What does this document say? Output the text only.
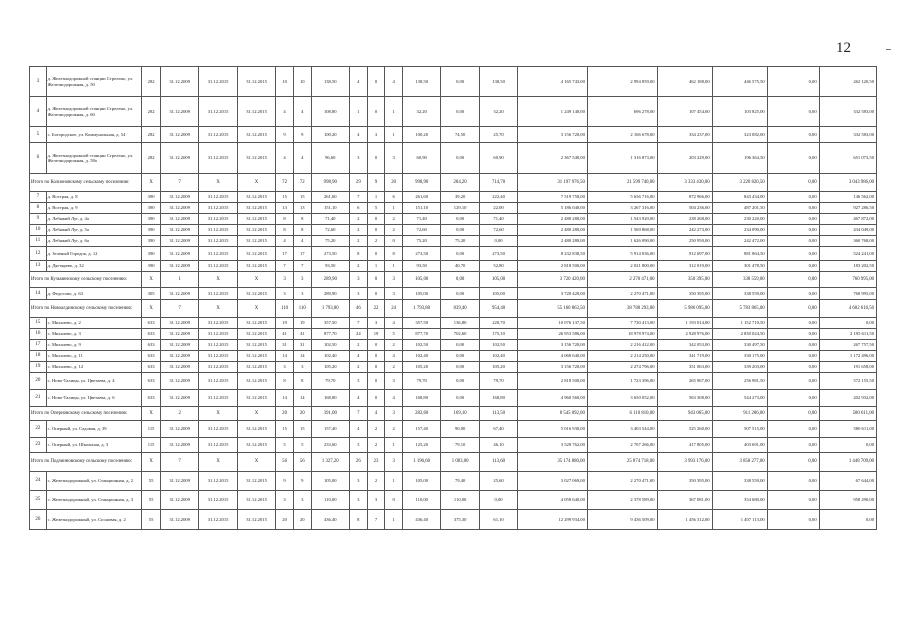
12
3	д. Железнодорожной станции Стрелено, ул. Железнодорожная, д. 50	282	31.12.2009	31.12.2015	31.12.2015	10	10	138,50	4	0	4	138,50	0,00	138,50	4 165 743,00	2 994 859,00	462 188,00	446 575,50	0,00	262 120,50
4	д. Железнодорожной станции Стрелено, ул. Железнодорожная, д. 60	282	31.12.2009	31.12.2015	31.12.2015	4	4	108,80	1	0	1	32,20	0,00	32,20	1 249 140,00	696 278,00	107 454,00	103 825,00	0,00	332 583,00
5	с. Богородское, ул. Коммунальная, д. 54	282	31.12.2009	31.12.2015	31.12.2015	9	9	100,20	4	3	1	100,20	74,50	25,70	3 156 720,00	2 166 678,00	334 237,00	323 082,00	0,00	332 583,00
6	д. Железнодорожной станции Стрелено, ул. Железнодорожная, д. 58а	282	31.12.2009	31.12.2015	31.12.2015	4	4	96,60	3	0	3	60,90	0,00	60,90	2 367 540,00	1 316 873,00	203 229,00	196 364,50	0,00	651 073,50
Итого по Колионовскому сельскому поселению:		X	7	X	X	72	72	998,90	29	9	20	998,90	284,20	714,70	31 197 976,50	21 599 740,00	3 333 430,00	3 220 820,50	0,00	3 043 986,00
7	д. Вострая, д. 8	390	31.12.2009	31.12.2015	31.12.2015	15	15	261,60	7	1	6	261,60	39,20	222,40	7 519 758,00	5 656 716,00	872 966,00	843 434,00	0,00	146 562,00
8	д. Вострая, д. 9	390	31.12.2009	31.12.2015	31.12.2015	13	13	151,10	6	5	1	151,10	129,10	22,00	5 186 040,00	3 267 316,00	504 236,00	487 201,50	0,00	927 286,50
9	д. Лебяжий Луг, д. 4а	390	31.12.2009	31.12.2015	31.12.2015	8	8	71,40	2	0	2	71,40	0,00	71,40	2 480 280,00	1 543 920,00	238 268,00	230 220,00	0,00	467 872,00
10	д. Лебяжий Луг, д. 5а	390	31.12.2009	31.12.2015	31.12.2015	8	8	72,60	2	0	2	72,60	0,00	72,60	2 480 280,00	1 569 868,00	242 273,00	234 090,00	0,00	434 049,00
11	д. Лебяжий Луг, д. 6а	390	31.12.2009	31.12.2015	31.12.2015	4	4	75,20	2	2	0	75,20	75,20	0,00	2 480 280,00	1 626 090,00	250 950,00	242 472,00	0,00	360 768,00
12	д. Зеленый Городок, д. 12	390	31.12.2009	31.12.2015	31.12.2015	17	17	273,50	8	0	8	273,50	0,00	273,50	8 232 838,50	5 914 036,00	912 697,00	881 864,50	0,00	524 241,00
13	д. Дягтярево, д. 32	390	31.12.2009	31.12.2015	31.12.2015	7	7	93,50	2	1	1	93,50	40,70	52,80	2 818 500,00	2 021 800,00	312 019,00	301 478,50	0,00	183 202,50
Итого по Кузьминскому сельскому поселению:		X	1	X	X	3	3	289,90	3	0	3	105,00	0,00	105,00	3 720 420,00	2 270 471,00	350 395,00	338 559,00	0,00	760 995,00
14	д. Федосово, д. 63	305	31.12.2009	31.12.2015	31.12.2015	3	3	289,90	3	0	3	105,00	0,00	105,00	3 720 420,00	2 270 471,00	350 395,00	338 559,00	0,00	760 995,00
Итого по Новоалдинскому сельскому поселению:		X	7	X	X	110	110	1 793,80	46	22	24	1 793,80	839,40	954,40	55 160 863,50	38 788 293,00	5 986 095,00	5 783 865,00	0,00	4 602 610,50
15	с. Михалево, д. 2	633	31.12.2009	31.12.2015	31.12.2015	19	19	357,50	7	3	4	357,50	136,80	220,70	10 076 137,50	7 730 413,00	1 193 014,00	1 152 710,50	0,00	0,00
16	с. Михалево, д. 3	633	31.12.2009	31.12.2015	31.12.2015	41	41	877,70	24	19	5	877,70	702,60	175,10	26 953 586,00	18 978 974,00	2 928 976,00	2 830 024,50	0,00	2 195 611,50
17	с. Михалево, д. 9	633	31.12.2009	31.12.2015	31.12.2015	31	31	102,50	2	0	2	102,50	0,00	102,50	3 156 720,00	2 216 412,00	342 053,00	330 497,50	0,00	267 757,50
18	с. Михалево, д. 11	633	31.12.2009	31.12.2015	31.12.2015	14	14	102,40	4	0	4	102,40	0,00	102,40	4 068 640,00	2 214 250,00	341 719,00	330 175,00	0,00	1 172 496,00
19	с. Михалево, д. 12	633	31.12.2009	31.12.2015	31.12.2015	3	3	105,20	2	0	2	105,20	0,00	105,20	3 156 720,00	2 274 796,00	351 063,00	339 203,00	0,00	191 658,00
20	с. Ново-Талицы, ул. Цветаева, д. 4	633	31.12.2009	31.12.2015	31.12.2015	8	8	79,70	3	0	3	79,70	0,00	79,70	2 818 500,00	1 723 396,00	265 967,00	256 981,50	0,00	572 155,50
21	с. Ново-Талицы, ул. Цветаева, д. 6	633	31.12.2009	31.12.2015	31.12.2015	14	14	168,80	4	0	4	168,80	0,00	168,80	4 960 560,00	3 650 052,00	563 308,00	544 273,00	0,00	202 932,00
Итого по Оперновскому сельскому поселению:		X	2	X	X	20	20	391,00	7	4	3	282,60	169,10	113,50	8 545 092,00	6 110 810,00	943 065,00	911 206,00	0,00	580 611,00
22	с. Оперный, ул. Садовая, д. 39	115	31.12.2009	31.12.2015	31.12.2015	15	15	157,40	4	2	2	157,40	90,00	67,40	5 016 930,00	3 403 544,00	525 260,00	507 515,00	0,00	580 611,00
23	с. Оперный, ул. Школьная, д. 3	115	31.12.2009	31.12.2015	31.12.2015	5	5	233,60	3	2	1	125,20	79,10	46,10	3 528 762,00	2 707 266,00	417 805,00	403 691,00	0,00	0,00
Итого по Подзинновскому сельскому поселению:		X	7	X	X	56	56	1 327,20	26	23	3	1 196,60	1 083,00	113,60	35 174 880,00	25 874 718,00	3 993 176,00	3 858 277,00	0,00	1 448 709,00
24	с. Железнодорожный, ул. Станционная, д. 2	55	31.12.2009	31.12.2015	31.12.2015	9	9	105,00	3	2	1	105,00	79,40	25,60	3 027 069,00	2 270 471,00	350 395,00	338 559,00	0,00	67 644,00
25	с. Железнодорожный, ул. Станционная, д. 3	55	31.12.2009	31.12.2015	31.12.2015	3	3	110,00	3	3	0	110,00	110,00	0,00	4 058 640,00	2 378 589,00	367 081,00	354 680,00	0,00	958 290,00
26	с. Железнодорожный, ул. Сосновая, д. 2	55	31.12.2009	31.12.2015	31.12.2015	20	20	436,40	8	7	1	436,40	375,30	61,10	12 299 934,00	9 436 509,00	1 456 312,00	1 407 113,00	0,00	0,00
